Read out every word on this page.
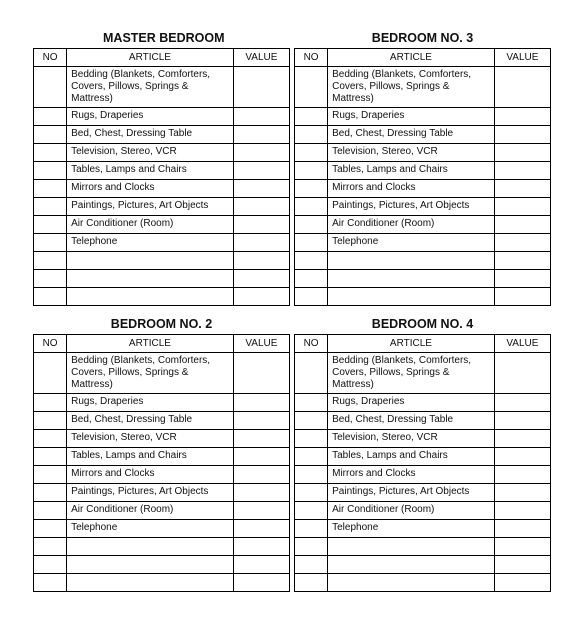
MASTER BEDROOM
NO	ARTICLE	VALUE
	Bedding (Blankets, Comforters, Covers, Pillows, Springs & Mattress)	
	Rugs, Draperies	
	Bed, Chest, Dressing Table	
	Television, Stereo, VCR	
	Tables, Lamps and Chairs	
	Mirrors and Clocks	
	Paintings, Pictures, Art Objects	
	Air Conditioner (Room)	
	Telephone	

BEDROOM NO. 3
NO	ARTICLE	VALUE
	Bedding (Blankets, Comforters, Covers, Pillows, Springs & Mattress)	
	Rugs, Draperies	
	Bed, Chest, Dressing Table	
	Television, Stereo, VCR	
	Tables, Lamps and Chairs	
	Mirrors and Clocks	
	Paintings, Pictures, Art Objects	
	Air Conditioner (Room)	
	Telephone	

BEDROOM NO. 2
NO	ARTICLE	VALUE
	Bedding (Blankets, Comforters, Covers, Pillows, Springs & Mattress)	
	Rugs, Draperies	
	Bed, Chest, Dressing Table	
	Television, Stereo, VCR	
	Tables, Lamps and Chairs	
	Mirrors and Clocks	
	Paintings, Pictures, Art Objects	
	Air Conditioner (Room)	
	Telephone	

BEDROOM NO. 4
NO	ARTICLE	VALUE
	Bedding (Blankets, Comforters, Covers, Pillows, Springs & Mattress)	
	Rugs, Draperies	
	Bed, Chest, Dressing Table	
	Television, Stereo, VCR	
	Tables, Lamps and Chairs	
	Mirrors and Clocks	
	Paintings, Pictures, Art Objects	
	Air Conditioner (Room)	
	Telephone	
